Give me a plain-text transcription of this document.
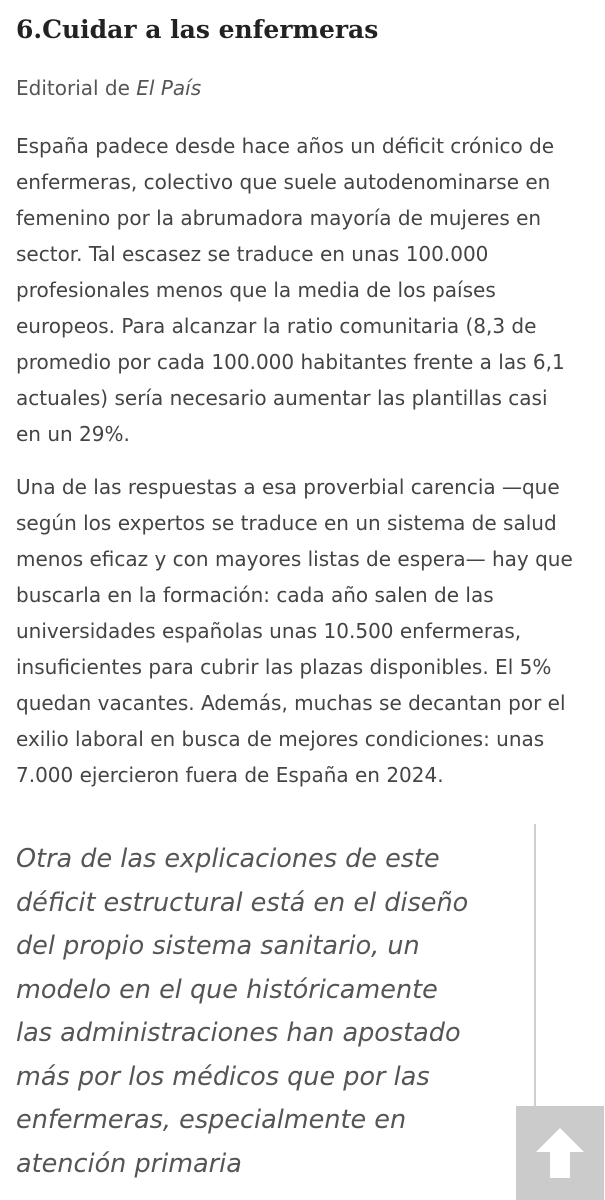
6.Cuidar a las enfermeras

Editorial de El País

España padece desde hace años un déficit crónico de
enfermeras, colectivo que suele autodenominarse en
femenino por la abrumadora mayoría de mujeres en
sector. Tal escasez se traduce en unas 100.000
profesionales menos que la media de los países
europeos. Para alcanzar la ratio comunitaria (8,3 de
promedio por cada 100.000 habitantes frente a las 6,1
actuales) sería necesario aumentar las plantillas casi
en un 29%.

Una de las respuestas a esa proverbial carencia —que
según los expertos se traduce en un sistema de salud
menos eficaz y con mayores listas de espera— hay que
buscarla en la formación: cada año salen de las
universidades españolas unas 10.500 enfermeras,
insuficientes para cubrir las plazas disponibles. El 5%
quedan vacantes. Además, muchas se decantan por el
exilio laboral en busca de mejores condiciones: unas
7.000 ejercieron fuera de España en 2024.

Otra de las explicaciones de este
déficit estructural está en el diseño
del propio sistema sanitario, un
modelo en el que históricamente
las administraciones han apostado
más por los médicos que por las
enfermeras, especialmente en
atención primaria
